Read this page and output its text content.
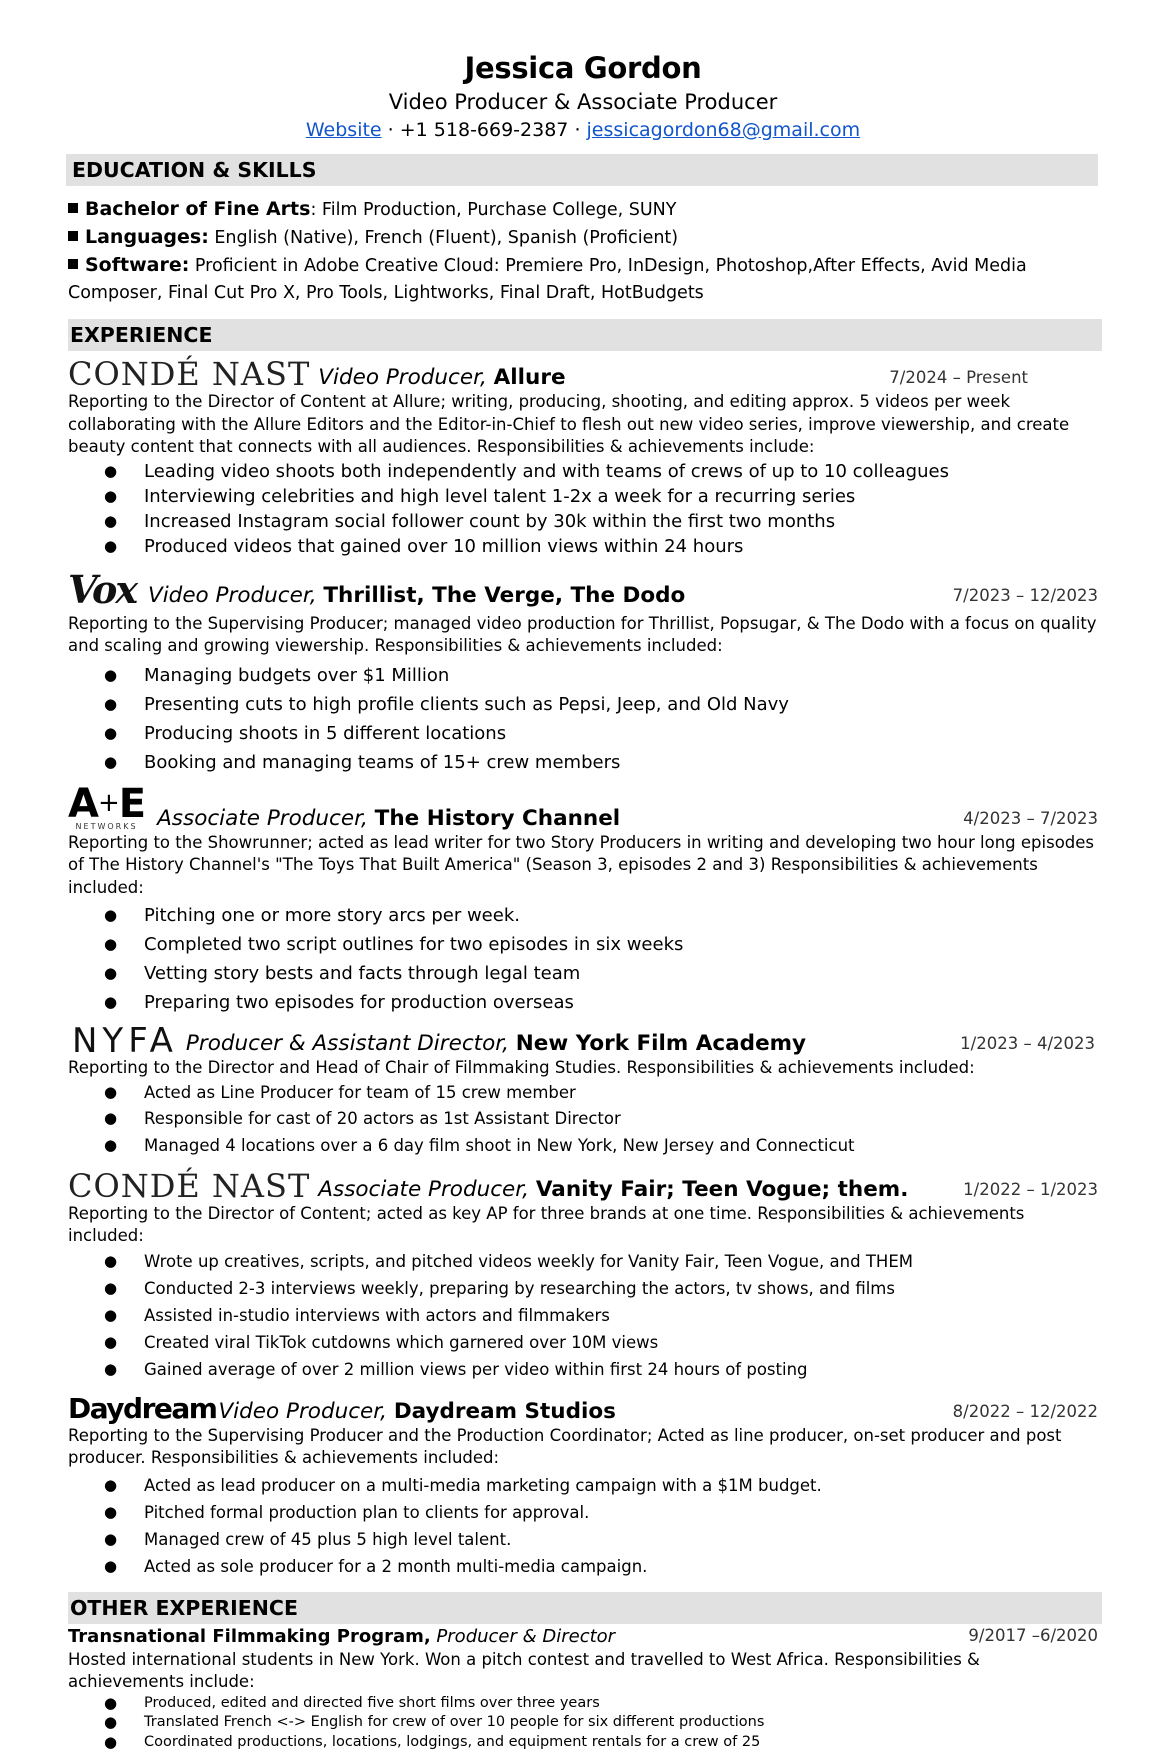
Jessica Gordon
Video Producer & Associate Producer
Website · +1 518-669-2387 · jessicagordon68@gmail.com
EDUCATION & SKILLS
Bachelor of Fine Arts: Film Production, Purchase College, SUNY
Languages: English (Native), French (Fluent), Spanish (Proficient)
Software: Proficient in Adobe Creative Cloud: Premiere Pro, InDesign, Photoshop,After Effects, Avid Media Composer, Final Cut Pro X, Pro Tools, Lightworks, Final Draft, HotBudgets
EXPERIENCE
CONDÉ NAST Video Producer, Allure	7/2024 – Present
Reporting to the Director of Content at Allure; writing, producing, shooting, and editing approx. 5 videos per week collaborating with the Allure Editors and the Editor-in-Chief to flesh out new video series, improve viewership, and create beauty content that connects with all audiences. Responsibilities & achievements include:
● Leading video shoots both independently and with teams of crews of up to 10 colleagues
● Interviewing celebrities and high level talent 1-2x a week for a recurring series
● Increased Instagram social follower count by 30k within the first two months
● Produced videos that gained over 10 million views within 24 hours
Vox Video Producer, Thrillist, The Verge, The Dodo	7/2023 – 12/2023
Reporting to the Supervising Producer; managed video production for Thrillist, Popsugar, & The Dodo with a focus on quality and scaling and growing viewership. Responsibilities & achievements included:
● Managing budgets over $1 Million
● Presenting cuts to high profile clients such as Pepsi, Jeep, and Old Navy
● Producing shoots in 5 different locations
● Booking and managing teams of 15+ crew members
A+E
NETWORKS Associate Producer, The History Channel	4/2023 – 7/2023
Reporting to the Showrunner; acted as lead writer for two Story Producers in writing and developing two hour long episodes of The History Channel's "The Toys That Built America" (Season 3, episodes 2 and 3) Responsibilities & achievements included:
● Pitching one or more story arcs per week.
● Completed two script outlines for two episodes in six weeks
● Vetting story bests and facts through legal team
● Preparing two episodes for production overseas
NYFA Producer & Assistant Director, New York Film Academy	1/2023 – 4/2023
Reporting to the Director and Head of Chair of Filmmaking Studies. Responsibilities & achievements included:
● Acted as Line Producer for team of 15 crew member
● Responsible for cast of 20 actors as 1st Assistant Director
● Managed 4 locations over a 6 day film shoot in New York, New Jersey and Connecticut
CONDÉ NAST Associate Producer, Vanity Fair; Teen Vogue; them.	1/2022 – 1/2023
Reporting to the Director of Content; acted as key AP for three brands at one time. Responsibilities & achievements included:
● Wrote up creatives, scripts, and pitched videos weekly for Vanity Fair, Teen Vogue, and THEM
● Conducted 2-3 interviews weekly, preparing by researching the actors, tv shows, and films
● Assisted in-studio interviews with actors and filmmakers
● Created viral TikTok cutdowns which garnered over 10M views
● Gained average of over 2 million views per video within first 24 hours of posting
Daydream Video Producer, Daydream Studios	8/2022 – 12/2022
Reporting to the Supervising Producer and the Production Coordinator; Acted as line producer, on-set producer and post producer. Responsibilities & achievements included:
● Acted as lead producer on a multi-media marketing campaign with a $1M budget.
● Pitched formal production plan to clients for approval.
● Managed crew of 45 plus 5 high level talent.
● Acted as sole producer for a 2 month multi-media campaign.
OTHER EXPERIENCE
Transnational Filmmaking Program, Producer & Director	9/2017 –6/2020
Hosted international students in New York. Won a pitch contest and travelled to West Africa. Responsibilities & achievements include:
● Produced, edited and directed five short films over three years
● Translated French <-> English for crew of over 10 people for six different productions
● Coordinated productions, locations, lodgings, and equipment rentals for a crew of 25
